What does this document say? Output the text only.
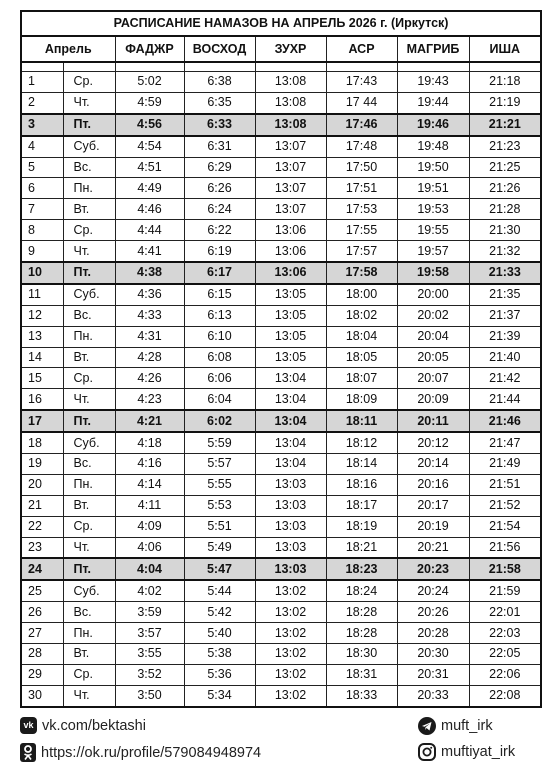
РАСПИСАНИЕ НАМАЗОВ НА АПРЕЛЬ 2026 г. (Иркутск)							
Апрель		ФАДЖР	ВОСХОД	ЗУХР	АСР	МАГРИБ	ИША

1	Ср.	5:02	6:38	13:08	17:43	19:43	21:18
2	Чт.	4:59	6:35	13:08	17 44	19:44	21:19
3	Пт.	4:56	6:33	13:08	17:46	19:46	21:21
4	Суб.	4:54	6:31	13:07	17:48	19:48	21:23
5	Вс.	4:51	6:29	13:07	17:50	19:50	21:25
6	Пн.	4:49	6:26	13:07	17:51	19:51	21:26
7	Вт.	4:46	6:24	13:07	17:53	19:53	21:28
8	Ср.	4:44	6:22	13:06	17:55	19:55	21:30
9	Чт.	4:41	6:19	13:06	17:57	19:57	21:32
10	Пт.	4:38	6:17	13:06	17:58	19:58	21:33
11	Суб.	4:36	6:15	13:05	18:00	20:00	21:35
12	Вс.	4:33	6:13	13:05	18:02	20:02	21:37
13	Пн.	4:31	6:10	13:05	18:04	20:04	21:39
14	Вт.	4:28	6:08	13:05	18:05	20:05	21:40
15	Ср.	4:26	6:06	13:04	18:07	20:07	21:42
16	Чт.	4:23	6:04	13:04	18:09	20:09	21:44
17	Пт.	4:21	6:02	13:04	18:11	20:11	21:46
18	Суб.	4:18	5:59	13:04	18:12	20:12	21:47
19	Вс.	4:16	5:57	13:04	18:14	20:14	21:49
20	Пн.	4:14	5:55	13:03	18:16	20:16	21:51
21	Вт.	4:11	5:53	13:03	18:17	20:17	21:52
22	Ср.	4:09	5:51	13:03	18:19	20:19	21:54
23	Чт.	4:06	5:49	13:03	18:21	20:21	21:56
24	Пт.	4:04	5:47	13:03	18:23	20:23	21:58
25	Суб.	4:02	5:44	13:02	18:24	20:24	21:59
26	Вс.	3:59	5:42	13:02	18:28	20:26	22:01
27	Пн.	3:57	5:40	13:02	18:28	20:28	22:03
28	Вт.	3:55	5:38	13:02	18:30	20:30	22:05
29	Ср.	3:52	5:36	13:02	18:31	20:31	22:06
30	Чт.	3:50	5:34	13:02	18:33	20:33	22:08
vk vk.com/bektashi
https://ok.ru/profile/579084948974
muft_irk
muftiyat_irk
